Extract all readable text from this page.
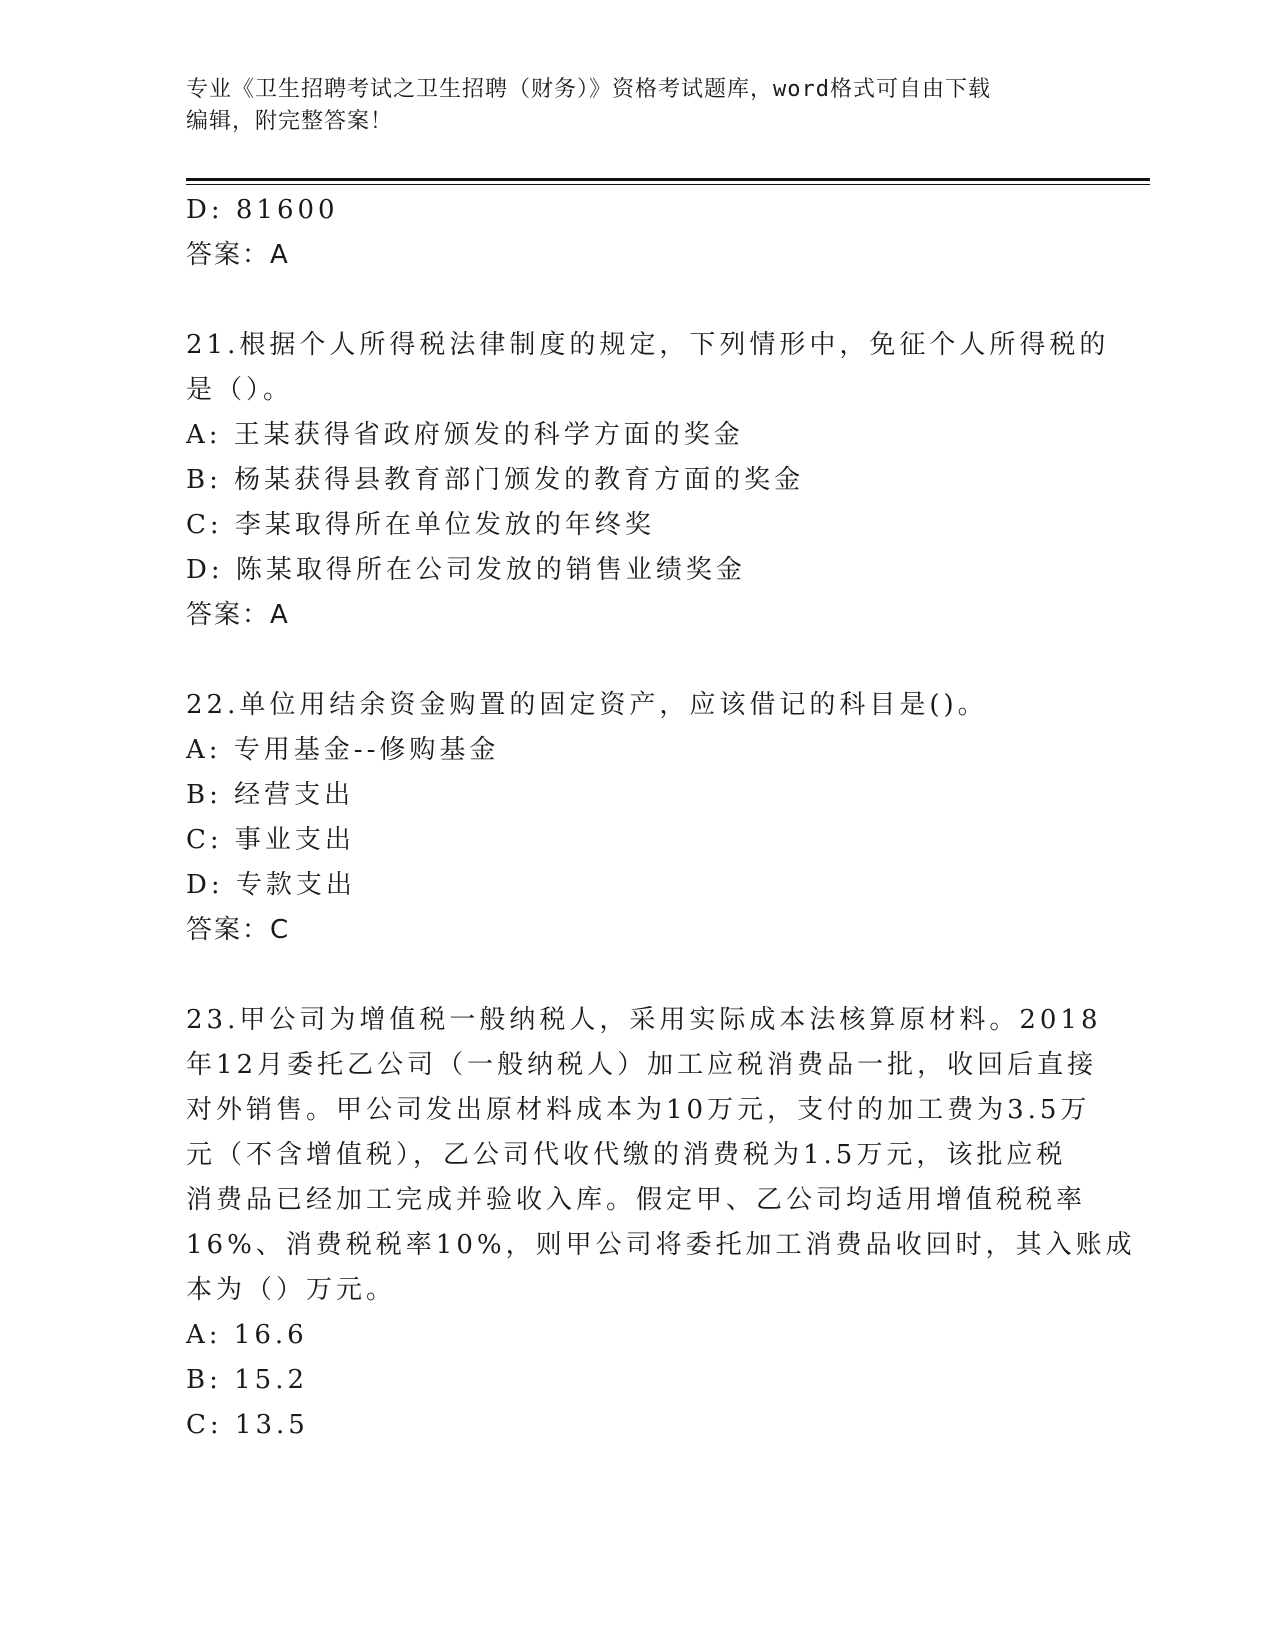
专业《卫生招聘考试之卫生招聘（财务）》资格考试题库，word格式可自由下载
编辑，附完整答案！
D: 81600
答案：A
21.根据个人所得税法律制度的规定，下列情形中，免征个人所得税的
是（）。
A: 王某获得省政府颁发的科学方面的奖金
B: 杨某获得县教育部门颁发的教育方面的奖金
C: 李某取得所在单位发放的年终奖
D: 陈某取得所在公司发放的销售业绩奖金
答案：A
22.单位用结余资金购置的固定资产，应该借记的科目是()。
A: 专用基金--修购基金
B: 经营支出
C: 事业支出
D: 专款支出
答案：C
23.甲公司为增值税一般纳税人，采用实际成本法核算原材料。2018
年12月委托乙公司（一般纳税人）加工应税消费品一批，收回后直接
对外销售。甲公司发出原材料成本为10万元，支付的加工费为3.5万
元（不含增值税），乙公司代收代缴的消费税为1.5万元，该批应税
消费品已经加工完成并验收入库。假定甲、乙公司均适用增值税税率
16%、消费税税率10%，则甲公司将委托加工消费品收回时，其入账成
本为（）万元。
A: 16.6
B: 15.2
C: 13.5
